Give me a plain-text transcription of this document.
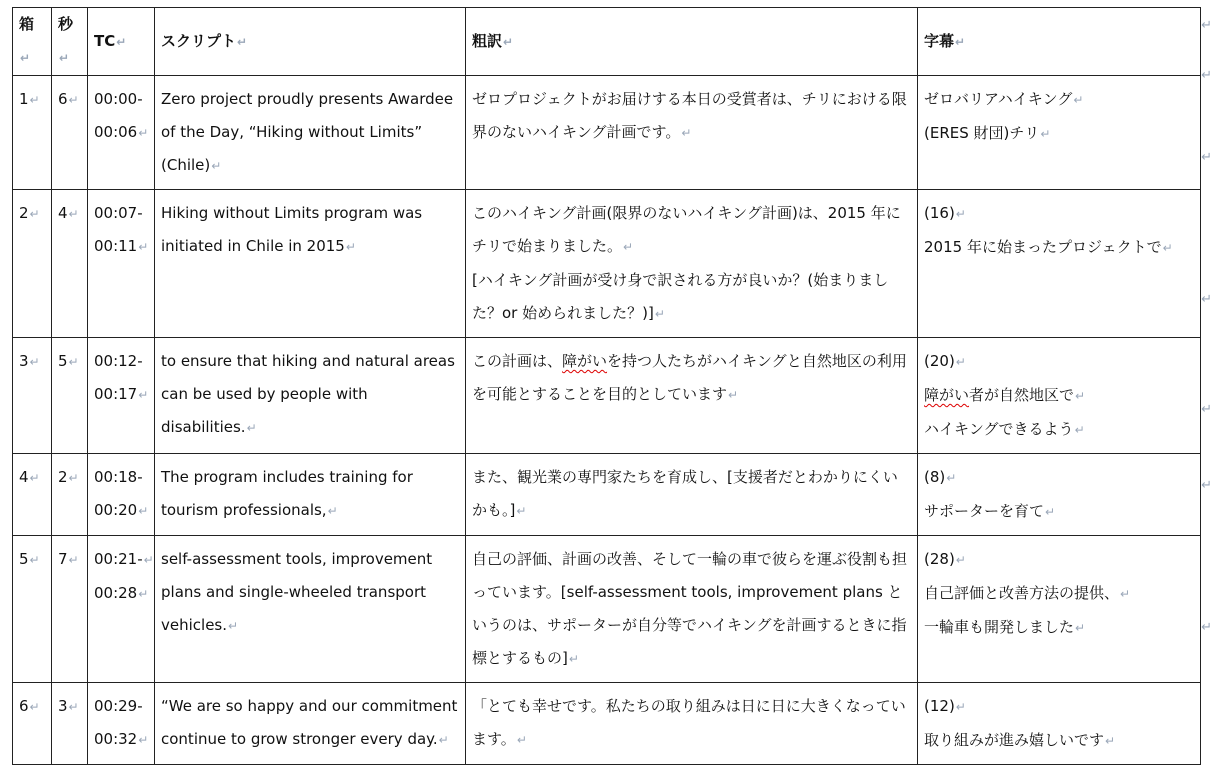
箱↵	秒↵	TC↵	スクリプト↵	粗訳↵	字幕↵
1↵	6↵	00:00-
00:06↵	Zero project proudly presents Awardee of the Day, “Hiking without Limits” (Chile)↵	ゼロプロジェクトがお届けする本日の受賞者は、チリにおける限界のないハイキング計画です。↵	ゼロバリアハイキング↵
(ERES 財団)チリ↵
2↵	4↵	00:07-
00:11↵	Hiking without Limits program was initiated in Chile in 2015↵	このハイキング計画(限界のないハイキング計画)は、2015 年にチリで始まりました。↵
[ハイキング計画が受け身で訳される方が良いか？(始まりました？or 始められました？)]↵	(16)↵
2015 年に始まったプロジェクトで↵
3↵	5↵	00:12-
00:17↵	to ensure that hiking and natural areas can be used by people with disabilities.↵	この計画は、障がいを持つ人たちがハイキングと自然地区の利用を可能とすることを目的としています↵	(20)↵
障がい者が自然地区で↵
ハイキングできるよう↵
4↵	2↵	00:18-
00:20↵	The program includes training for tourism professionals,↵	また、観光業の専門家たちを育成し、[支援者だとわかりにくいかも。]↵	(8)↵
サポーターを育て↵
5↵	7↵	00:21-↵
00:28↵	self-assessment tools, improvement plans and single-wheeled transport vehicles.↵	自己の評価、計画の改善、そして一輪の車で彼らを運ぶ役割も担っています。[self-assessment tools, improvement plans というのは、サポーターが自分等でハイキングを計画するときに指標とするもの]↵	(28)↵
自己評価と改善方法の提供、↵
一輪車も開発しました↵
6↵	3↵	00:29-
00:32↵	“We are so happy and our commitment continue to grow stronger every day.↵	「とても幸せです。私たちの取り組みは日に日に大きくなっています。↵	(12)↵
取り組みが進み嬉しいです↵
↵
↵
↵
↵
↵
↵
↵
